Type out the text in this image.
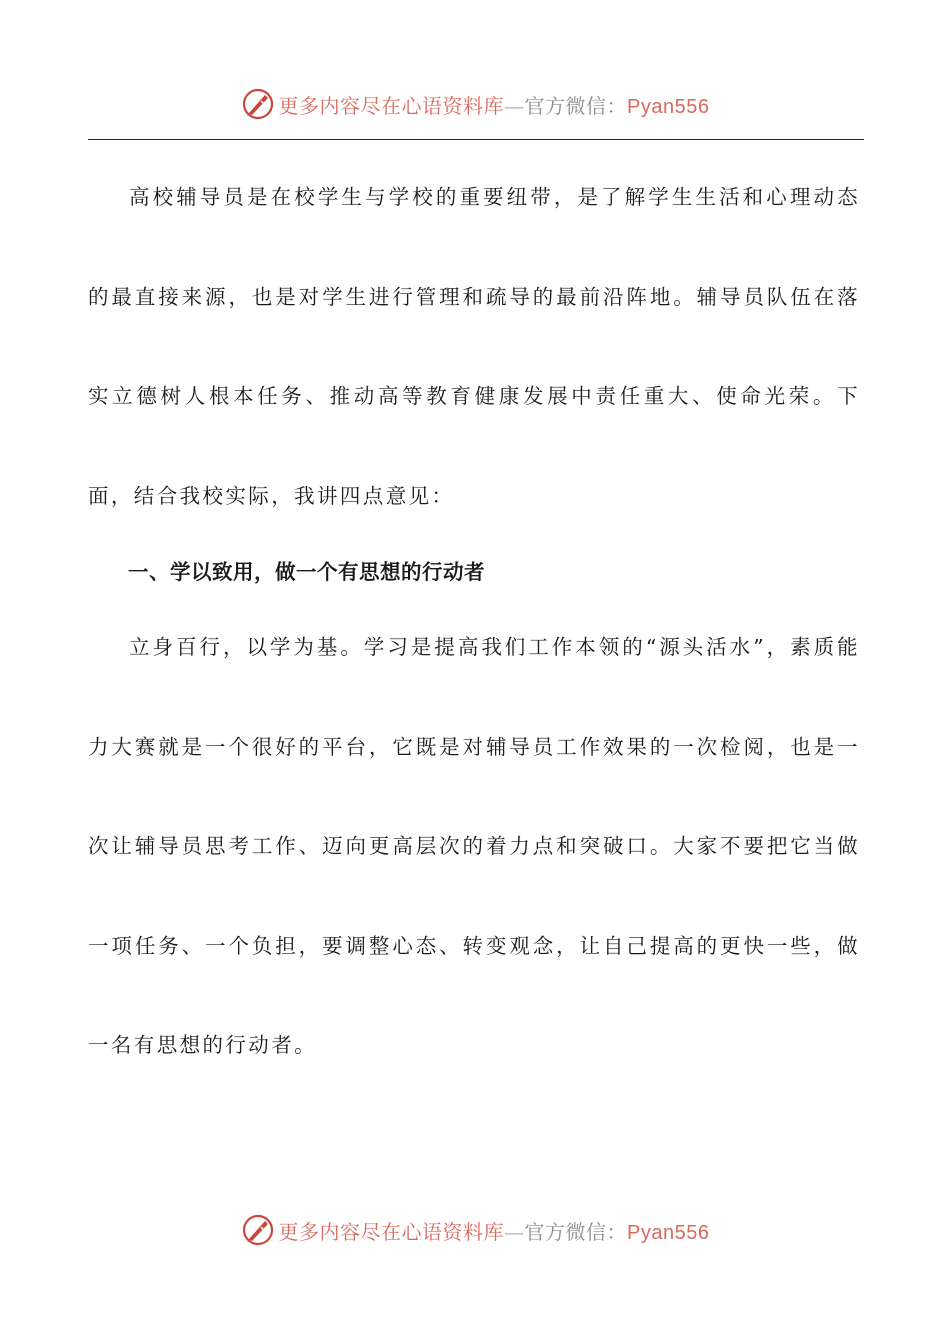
更多内容尽在心语资料库—官方微信：Pyan556

高校辅导员是在校学生与学校的重要纽带，是了解学生生活和心理动态的最直接来源，也是对学生进行管理和疏导的最前沿阵地。辅导员队伍在落实立德树人根本任务、推动高等教育健康发展中责任重大、使命光荣。下面，结合我校实际，我讲四点意见：

一、学以致用，做一个有思想的行动者

立身百行，以学为基。学习是提高我们工作本领的“源头活水”，素质能力大赛就是一个很好的平台，它既是对辅导员工作效果的一次检阅，也是一次让辅导员思考工作、迈向更高层次的着力点和突破口。大家不要把它当做一项任务、一个负担，要调整心态、转变观念，让自己提高的更快一些，做一名有思想的行动者。

更多内容尽在心语资料库—官方微信：Pyan556
